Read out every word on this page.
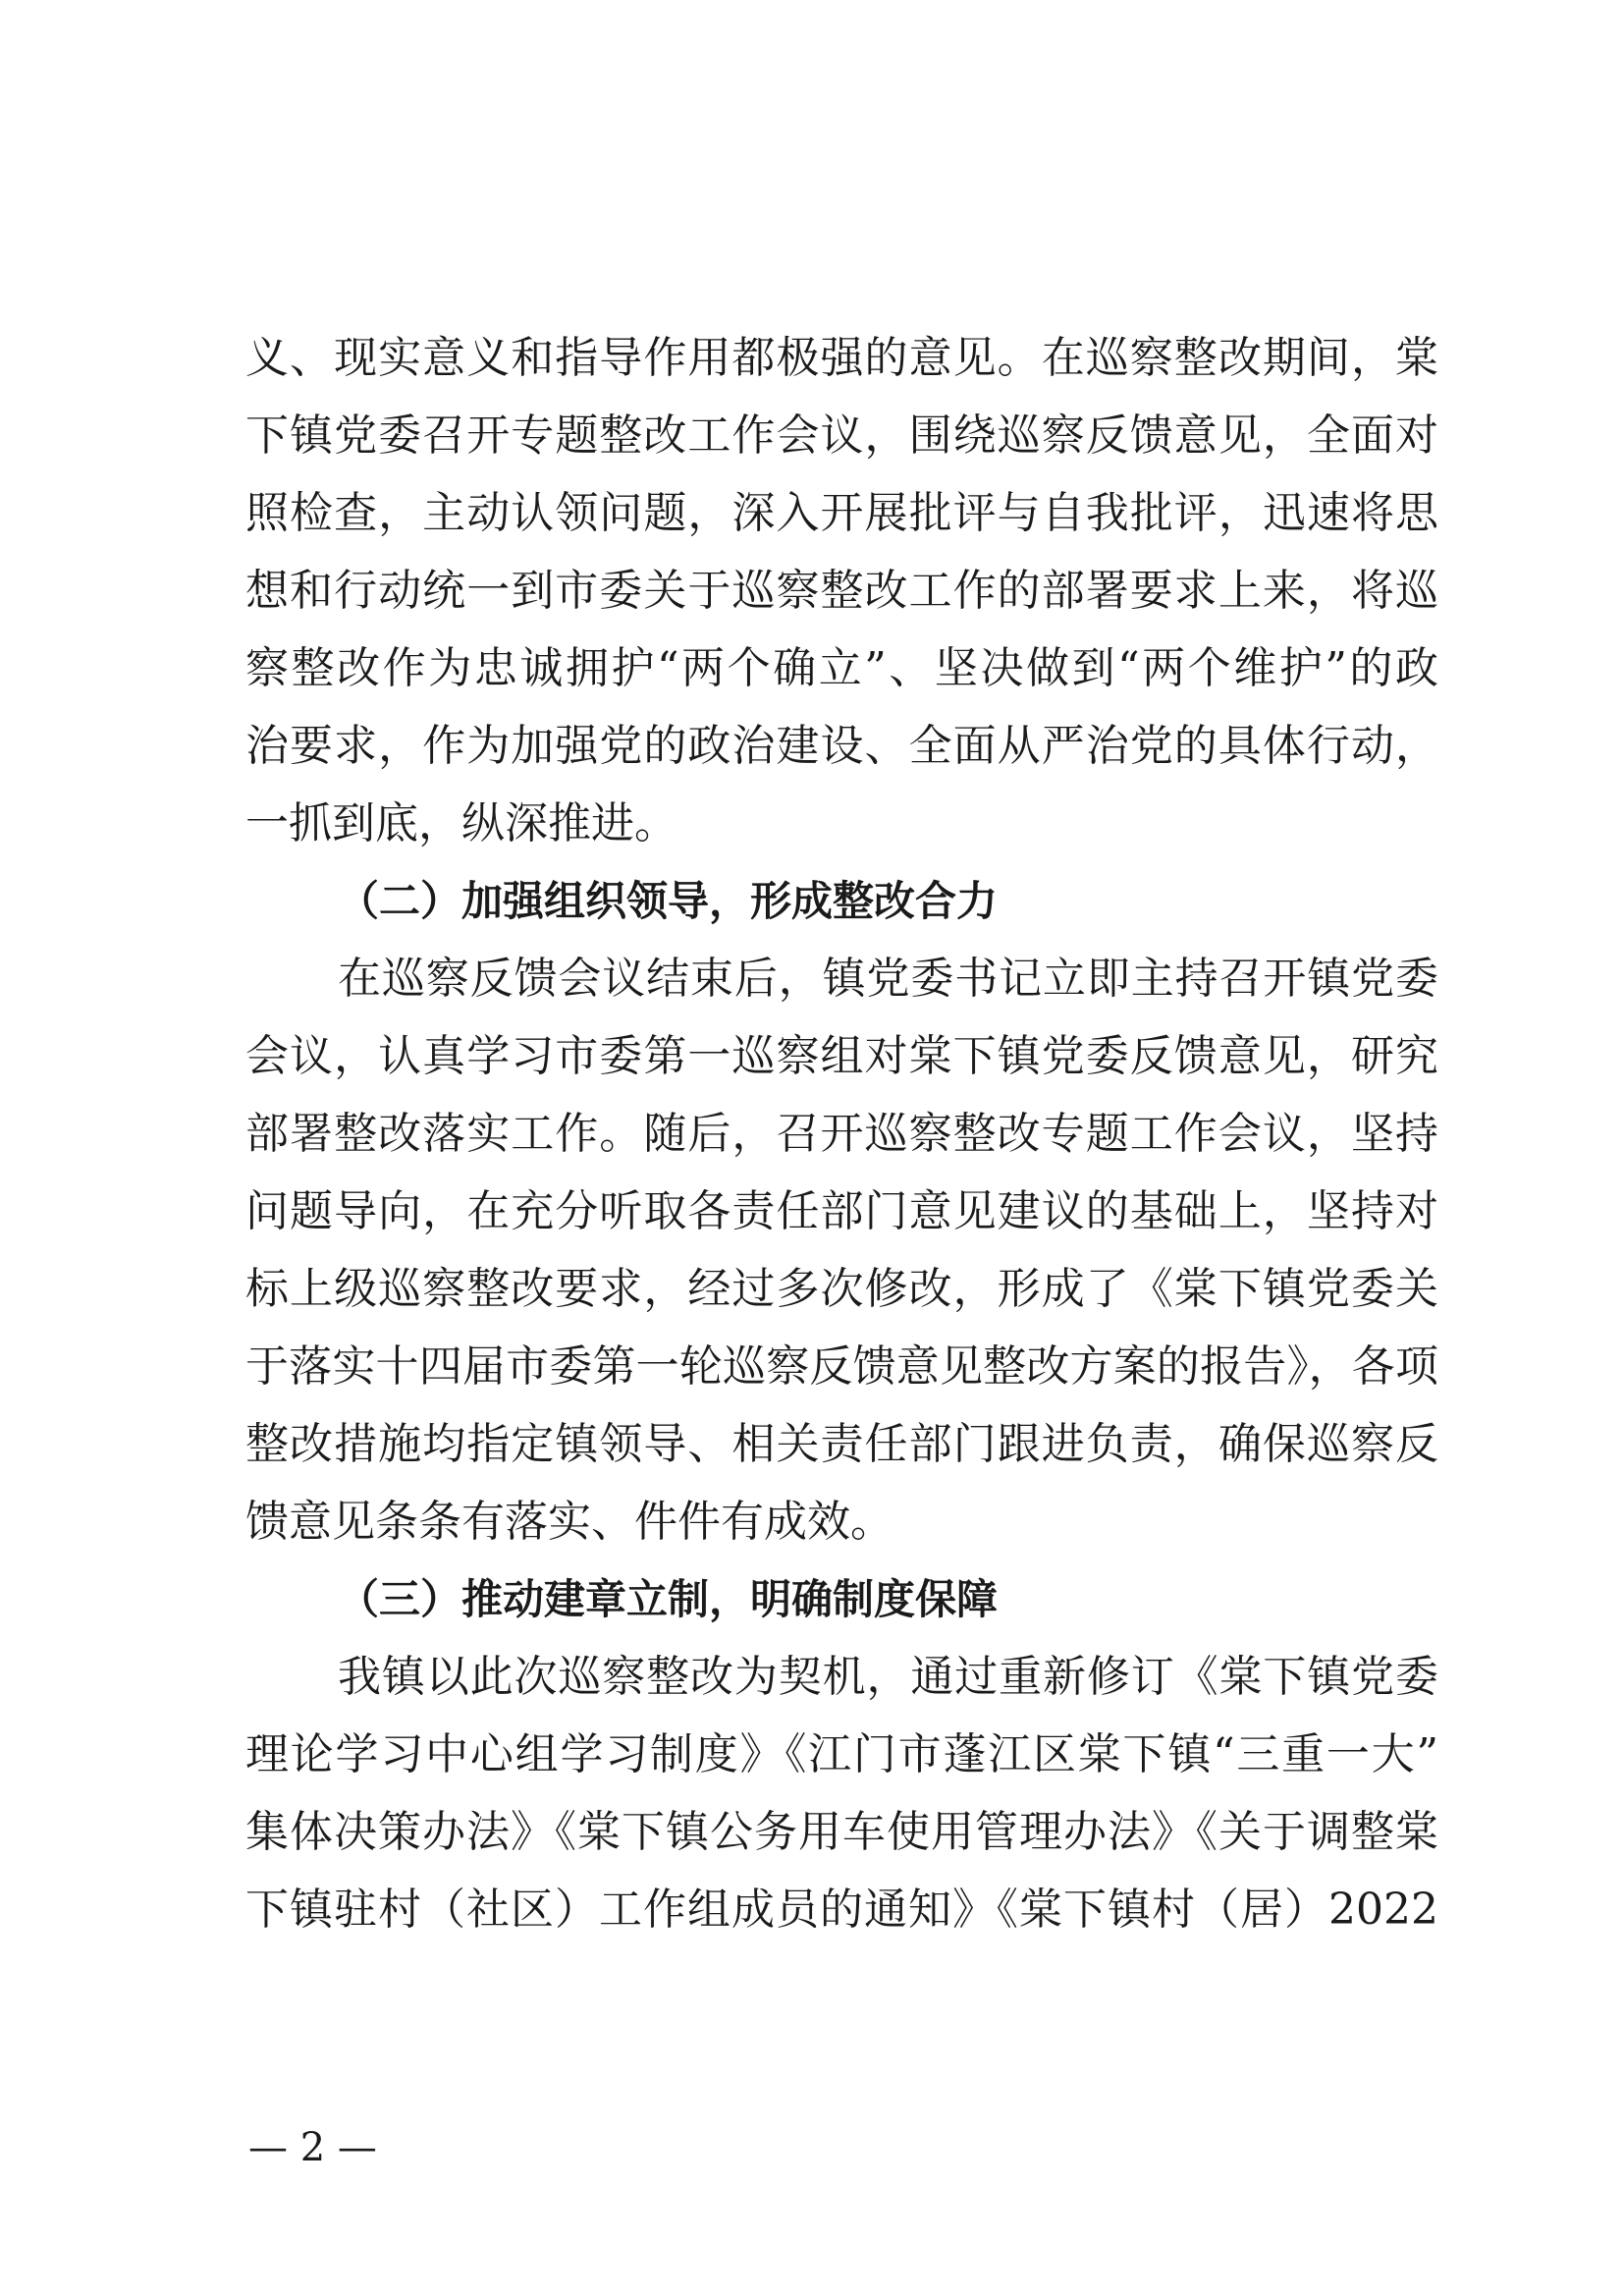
义、现实意义和指导作用都极强的意见。在巡察整改期间，棠
下镇党委召开专题整改工作会议，围绕巡察反馈意见，全面对
照检查，主动认领问题，深入开展批评与自我批评，迅速将思
想和行动统一到市委关于巡察整改工作的部署要求上来，将巡
察整改作为忠诚拥护“两个确立”、坚决做到“两个维护”的政
治要求，作为加强党的政治建设、全面从严治党的具体行动，
一抓到底，纵深推进。
（二）加强组织领导，形成整改合力
在巡察反馈会议结束后，镇党委书记立即主持召开镇党委
会议，认真学习市委第一巡察组对棠下镇党委反馈意见，研究
部署整改落实工作。随后，召开巡察整改专题工作会议，坚持
问题导向，在充分听取各责任部门意见建议的基础上，坚持对
标上级巡察整改要求，经过多次修改，形成了《棠下镇党委关
于落实十四届市委第一轮巡察反馈意见整改方案的报告》，各项
整改措施均指定镇领导、相关责任部门跟进负责，确保巡察反
馈意见条条有落实、件件有成效。
（三）推动建章立制，明确制度保障
我镇以此次巡察整改为契机，通过重新修订《棠下镇党委
理论学习中心组学习制度》《江门市蓬江区棠下镇“三重一大”
集体决策办法》《棠下镇公务用车使用管理办法》《关于调整棠
下镇驻村（社区）工作组成员的通知》《棠下镇村（居）2022
— 2 —
